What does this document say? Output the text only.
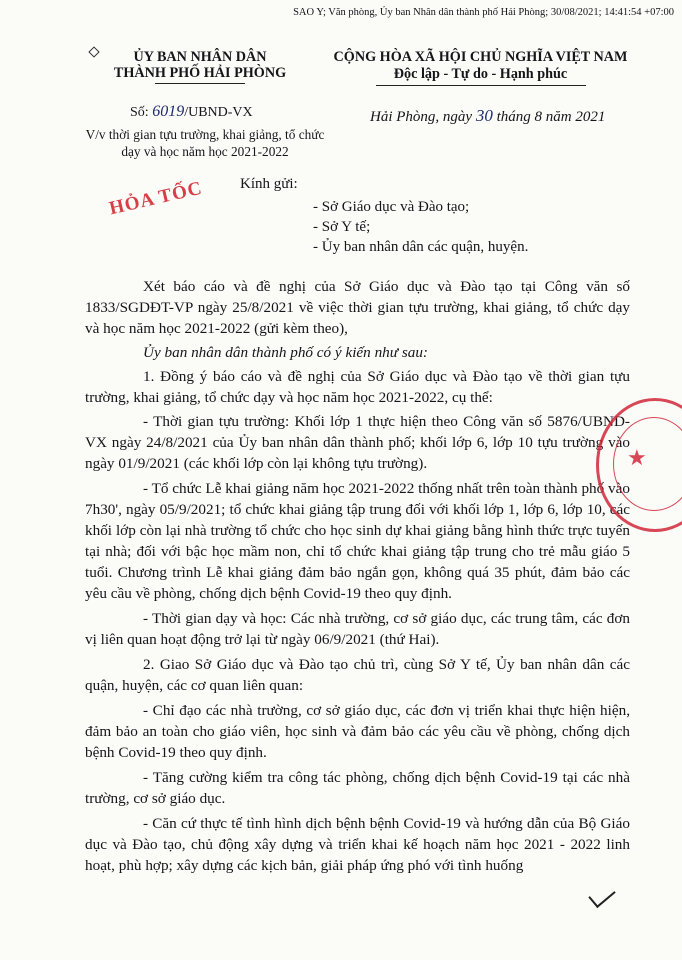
SAO Y; Văn phòng, Ủy ban Nhân dân thành phố Hải Phòng; 30/08/2021; 14:41:54 +07:00
ỦY BAN NHÂN DÂN
THÀNH PHỐ HẢI PHÒNG
CỘNG HÒA XÃ HỘI CHỦ NGHĨA VIỆT NAM
Độc lập - Tự do - Hạnh phúc
Số: 6019/UBND-VX
V/v thời gian tựu trường, khai giảng, tổ chức dạy và học năm học 2021-2022
Hải Phòng, ngày 30 tháng 8 năm 2021
HỎA TỐC	Kính gửi:
- Sở Giáo dục và Đào tạo;
- Sở Y tế;
- Ủy ban nhân dân các quận, huyện.

Xét báo cáo và đề nghị của Sở Giáo dục và Đào tạo tại Công văn số 1833/SGDĐT-VP ngày 25/8/2021 về việc thời gian tựu trường, khai giảng, tổ chức dạy và học năm học 2021-2022 (gửi kèm theo),

Ủy ban nhân dân thành phố có ý kiến như sau:

1. Đồng ý báo cáo và đề nghị của Sở Giáo dục và Đào tạo về thời gian tựu trường, khai giảng, tổ chức dạy và học năm học 2021-2022, cụ thể:

- Thời gian tựu trường: Khối lớp 1 thực hiện theo Công văn số 5876/UBND-VX ngày 24/8/2021 của Ủy ban nhân dân thành phố; khối lớp 6, lớp 10 tựu trường vào ngày 01/9/2021 (các khối lớp còn lại không tựu trường).

- Tổ chức Lễ khai giảng năm học 2021-2022 thống nhất trên toàn thành phố vào 7h30', ngày 05/9/2021; tổ chức khai giảng tập trung đối với khối lớp 1, lớp 6, lớp 10, các khối lớp còn lại nhà trường tổ chức cho học sinh dự khai giảng bằng hình thức trực tuyến tại nhà; đối với bậc học mầm non, chỉ tổ chức khai giảng tập trung cho trẻ mẫu giáo 5 tuổi. Chương trình Lễ khai giảng đảm bảo ngắn gọn, không quá 35 phút, đảm bảo các yêu cầu về phòng, chống dịch bệnh Covid-19 theo quy định.

- Thời gian dạy và học: Các nhà trường, cơ sở giáo dục, các trung tâm, các đơn vị liên quan hoạt động trở lại từ ngày 06/9/2021 (thứ Hai).

2. Giao Sở Giáo dục và Đào tạo chủ trì, cùng Sở Y tế, Ủy ban nhân dân các quận, huyện, các cơ quan liên quan:

- Chỉ đạo các nhà trường, cơ sở giáo dục, các đơn vị triển khai thực hiện hiện, đảm bảo an toàn cho giáo viên, học sinh và đảm bảo các yêu cầu về phòng, chống dịch bệnh Covid-19 theo quy định.

- Tăng cường kiểm tra công tác phòng, chống dịch bệnh Covid-19 tại các nhà trường, cơ sở giáo dục.

- Căn cứ thực tế tình hình dịch bệnh bệnh Covid-19 và hướng dẫn của Bộ Giáo dục và Đào tạo, chủ động xây dựng và triển khai kế hoạch năm học 2021 - 2022 linh hoạt, phù hợp; xây dựng các kịch bản, giải pháp ứng phó với tình huống

★
